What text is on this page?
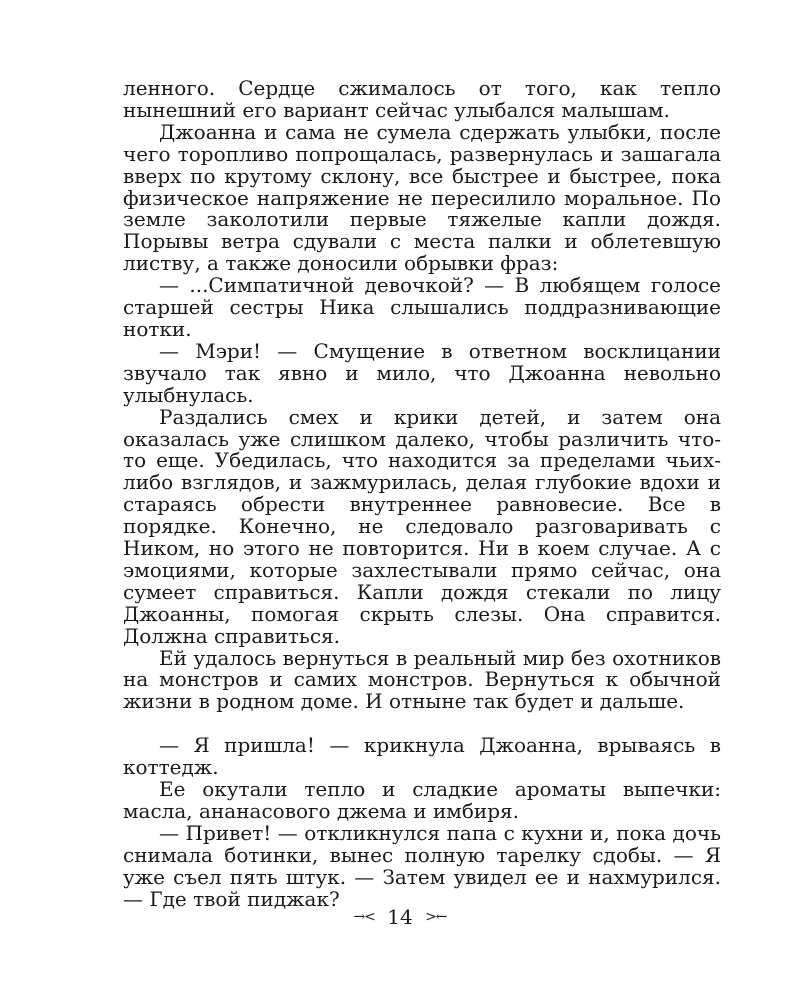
ленного. Сердце сжималось от того, как тепло нынешний его вариант сейчас улыбался малышам.

Джоанна и сама не сумела сдержать улыбки, после чего торопливо попрощалась, развернулась и зашагала вверх по крутому склону, все быстрее и быстрее, пока физическое напряжение не пересилило моральное. По земле заколотили первые тяжелые капли дождя. Порывы ветра сдували с места палки и облетевшую листву, а также доносили обрывки фраз:

— ...Симпатичной девочкой? — В любящем голосе старшей сестры Ника слышались поддразнивающие нотки.

— Мэри! — Смущение в ответном восклицании звучало так явно и мило, что Джоанна невольно улыбнулась.

Раздались смех и крики детей, и затем она оказалась уже слишком далеко, чтобы различить что-то еще. Убедилась, что находится за пределами чьих-либо взглядов, и зажмурилась, делая глубокие вдохи и стараясь обрести внутреннее равновесие. Все в порядке. Конечно, не следовало разговаривать с Ником, но этого не повторится. Ни в коем случае. А с эмоциями, которые захлестывали прямо сейчас, она сумеет справиться. Капли дождя стекали по лицу Джоанны, помогая скрыть слезы. Она справится. Должна справиться.

Ей удалось вернуться в реальный мир без охотников на монстров и самих монстров. Вернуться к обычной жизни в родном доме. И отныне так будет и дальше.

— Я пришла! — крикнула Джоанна, врываясь в коттедж.

Ее окутали тепло и сладкие ароматы выпечки: масла, ананасового джема и имбиря.

— Привет! — откликнулся папа с кухни и, пока дочь снимала ботинки, вынес полную тарелку сдобы. — Я уже съел пять штук. — Затем увидел ее и нахмурился. — Где твой пиджак?

→< 14 >←
